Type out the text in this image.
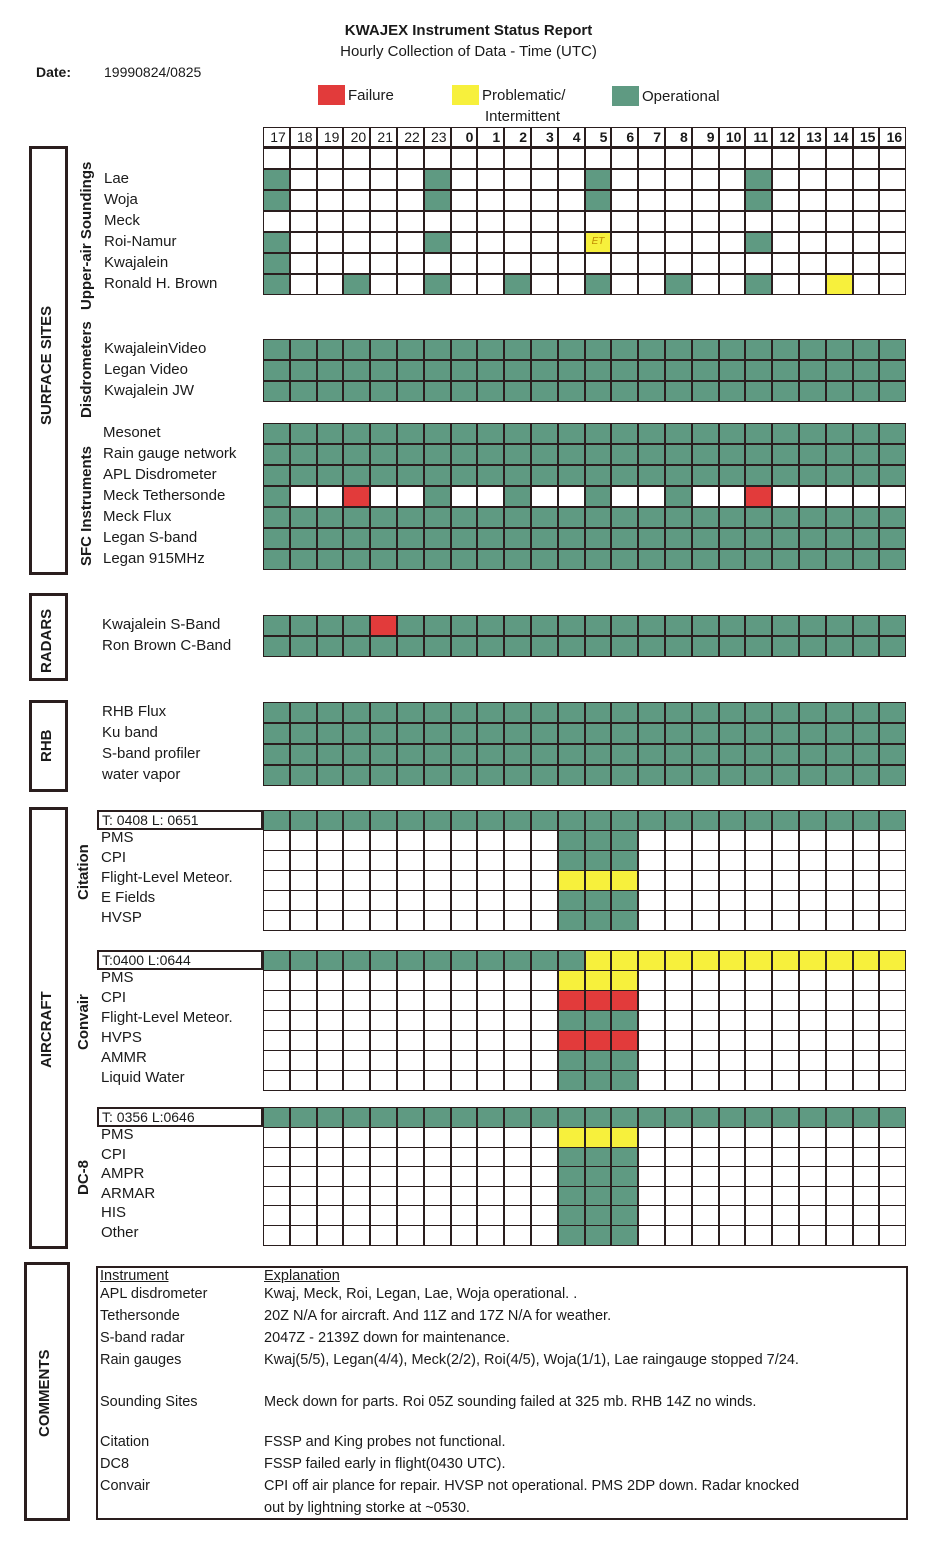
KWAJEX Instrument Status Report
Hourly Collection of Data - Time (UTC)
Date: 19990824/0825
Failure	Problematic/
Intermittent
Operational
SURFACE SITES
Upper-air Soundings
Disdrometers
SFC Instruments
RADARS
RHB
AIRCRAFT
Citation
Convair
DC-8
COMMENTS
17 18 19 20 21 22 23	0	1	2	3	4	5	6	7	8	9 10 11 12 13 14 15 16
Lae
Woja
Meck
Roi-Namur	ET
Kwajalein
Ronald H. Brown
KwajaleinVideo
Legan Video
Kwajalein JW
Mesonet
Rain gauge network
APL Disdrometer
Meck Tethersonde
Meck Flux
Legan S-band
Legan 915MHz
Kwajalein S-Band
Ron Brown C-Band
RHB Flux
Ku band
S-band profiler
water vapor
T: 0408 L: 0651
PMS
CPI
Flight-Level Meteor.
E Fields
HVSP
T:0400 L:0644
PMS
CPI
Flight-Level Meteor.
HVPS
AMMR
Liquid Water
T: 0356 L:0646
PMS
CPI
AMPR
ARMAR
HIS
Other
Instrument	Explanation
APL disdrometer	Kwaj, Meck, Roi, Legan, Lae, Woja operational. .
Tethersonde	20Z N/A for aircraft. And 11Z and 17Z N/A for weather.
S-band radar	2047Z - 2139Z down for maintenance.
Rain gauges	Kwaj(5/5), Legan(4/4), Meck(2/2), Roi(4/5), Woja(1/1), Lae raingauge stopped 7/24.
Sounding Sites	Meck down for parts. Roi 05Z sounding failed at 325 mb. RHB 14Z no winds.
Citation	FSSP and King probes not functional.
DC8	FSSP failed early in flight(0430 UTC).
Convair	CPI off air plance for repair. HVSP not operational. PMS 2DP down. Radar knocked
out by lightning storke at ~0530.
